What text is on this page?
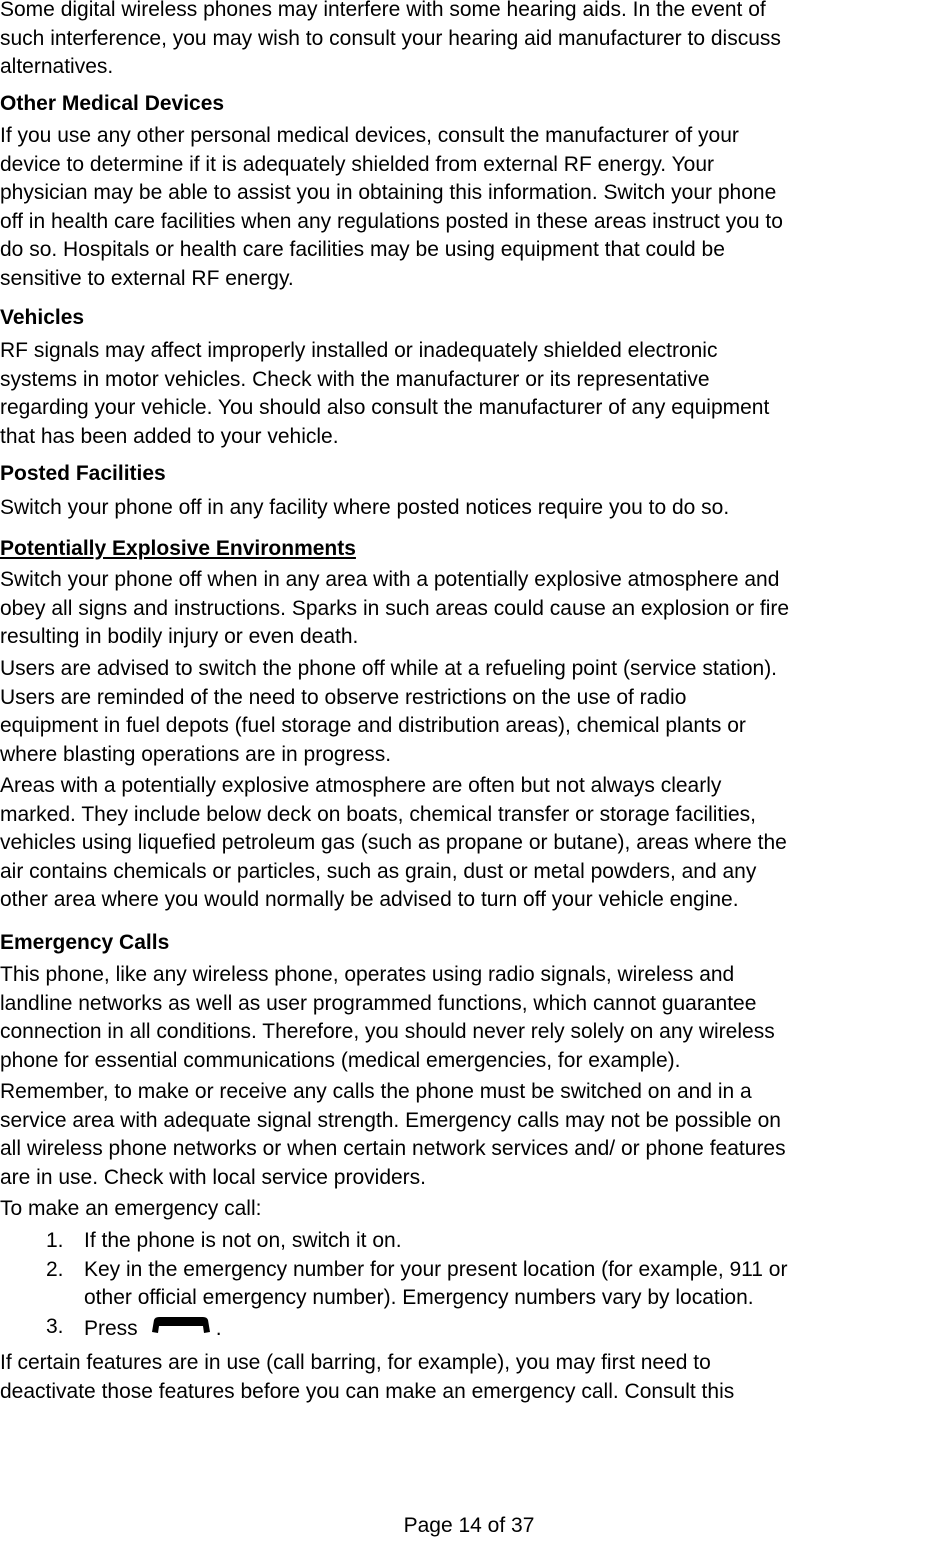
Some digital wireless phones may interfere with some hearing aids. In the event of
such interference, you may wish to consult your hearing aid manufacturer to discuss
alternatives.
Other Medical Devices
If you use any other personal medical devices, consult the manufacturer of your
device to determine if it is adequately shielded from external RF energy. Your
physician may be able to assist you in obtaining this information. Switch your phone
off in health care facilities when any regulations posted in these areas instruct you to
do so. Hospitals or health care facilities may be using equipment that could be
sensitive to external RF energy.
Vehicles
RF signals may affect improperly installed or inadequately shielded electronic
systems in motor vehicles. Check with the manufacturer or its representative
regarding your vehicle. You should also consult the manufacturer of any equipment
that has been added to your vehicle.
Posted Facilities
Switch your phone off in any facility where posted notices require you to do so.
Potentially Explosive Environments
Switch your phone off when in any area with a potentially explosive atmosphere and
obey all signs and instructions. Sparks in such areas could cause an explosion or fire
resulting in bodily injury or even death.
Users are advised to switch the phone off while at a refueling point (service station).
Users are reminded of the need to observe restrictions on the use of radio
equipment in fuel depots (fuel storage and distribution areas), chemical plants or
where blasting operations are in progress.
Areas with a potentially explosive atmosphere are often but not always clearly
marked. They include below deck on boats, chemical transfer or storage facilities,
vehicles using liquefied petroleum gas (such as propane or butane), areas where the
air contains chemicals or particles, such as grain, dust or metal powders, and any
other area where you would normally be advised to turn off your vehicle engine.
Emergency Calls
This phone, like any wireless phone, operates using radio signals, wireless and
landline networks as well as user programmed functions, which cannot guarantee
connection in all conditions. Therefore, you should never rely solely on any wireless
phone for essential communications (medical emergencies, for example).
Remember, to make or receive any calls the phone must be switched on and in a
service area with adequate signal strength. Emergency calls may not be possible on
all wireless phone networks or when certain network services and/ or phone features
are in use. Check with local service providers.
To make an emergency call:
1. If the phone is not on, switch it on.
2. Key in the emergency number for your present location (for example, 911 or
other official emergency number). Emergency numbers vary by location.
3. Press	.
If certain features are in use (call barring, for example), you may first need to
deactivate those features before you can make an emergency call. Consult this
Page 14 of 37
